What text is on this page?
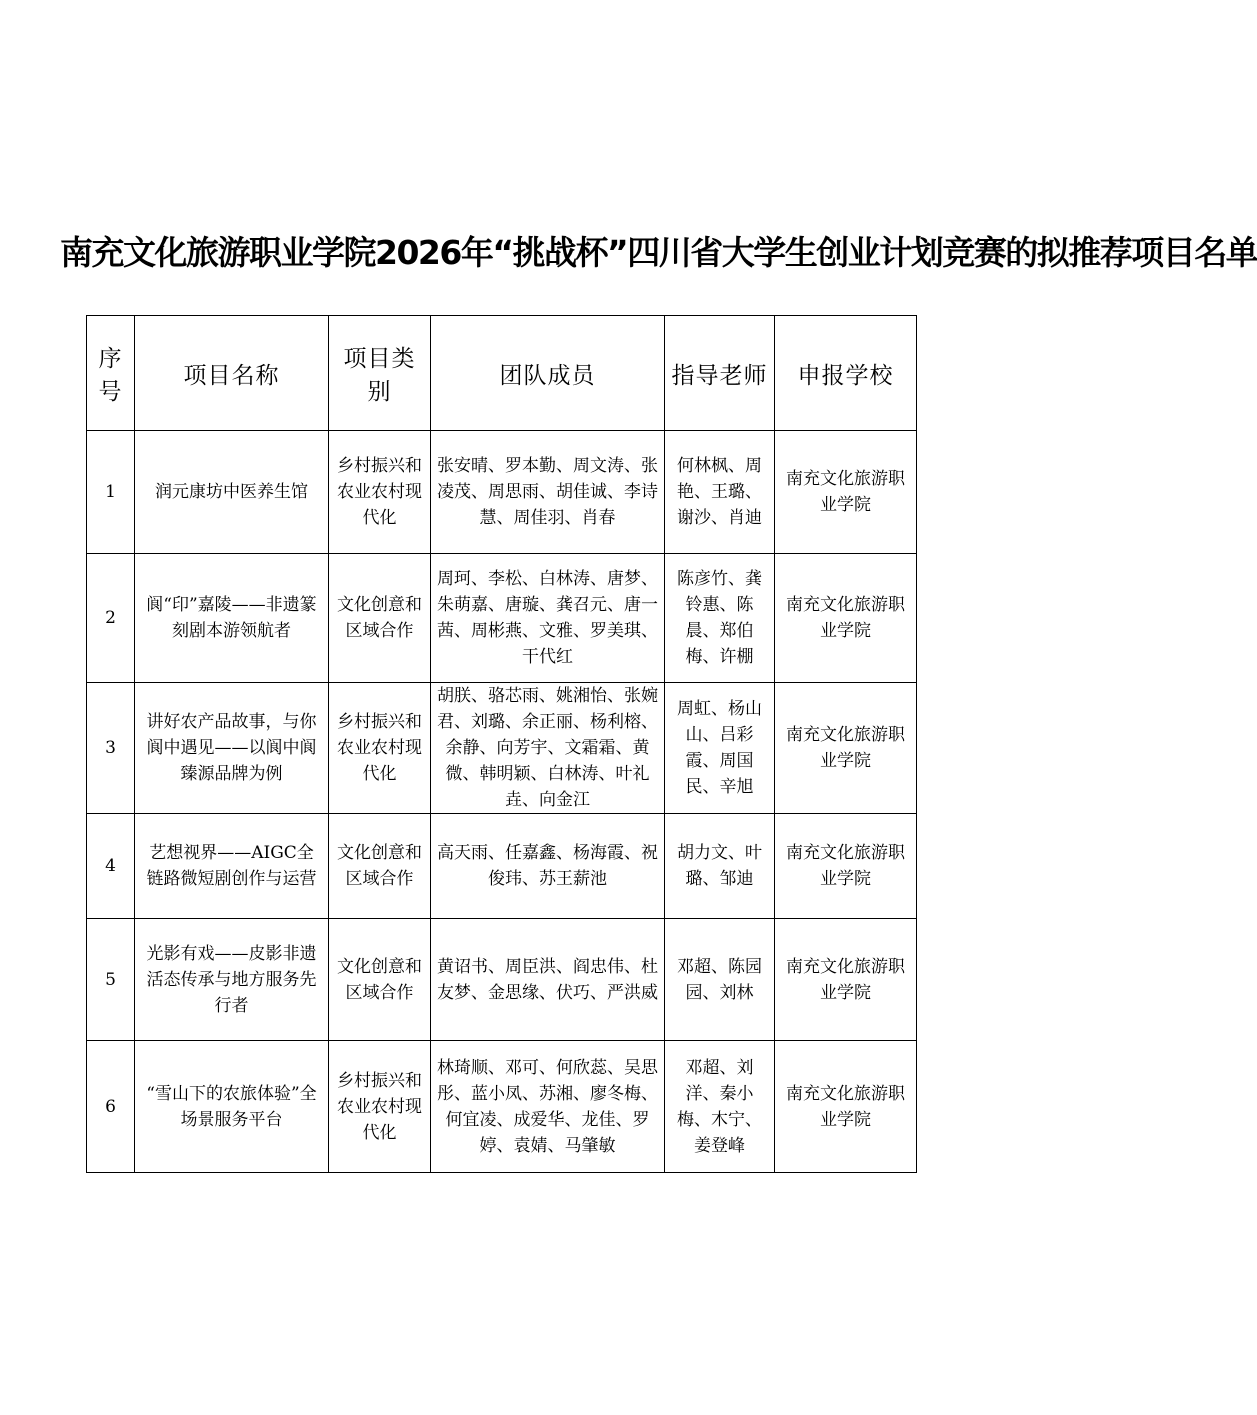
南充文化旅游职业学院2026年“挑战杯”四川省大学生创业计划竞赛的拟推荐项目名单
序号	项目名称	项目类别	团队成员	指导老师	申报学校
1	润元康坊中医养生馆	乡村振兴和农业农村现代化	张安晴、罗本勤、周文涛、张凌茂、周思雨、胡佳诚、李诗慧、周佳羽、肖春	何林枫、周艳、王璐、谢沙、肖迪	南充文化旅游职业学院
2	阆“印”嘉陵——非遗篆刻剧本游领航者	文化创意和区域合作	周珂、李松、白林涛、唐梦、朱萌嘉、唐璇、龚召元、唐一茜、周彬燕、文雅、罗美琪、干代红	陈彦竹、龚铃惠、陈晨、郑伯梅、许棚	南充文化旅游职业学院
3	讲好农产品故事，与你阆中遇见——以阆中阆臻源品牌为例	乡村振兴和农业农村现代化	胡朕、骆芯雨、姚湘怡、张婉君、刘璐、余正丽、杨利榕、余静、向芳宇、文霜霜、黄微、韩明颖、白林涛、叶礼垚、向金江	周虹、杨山山、吕彩霞、周国民、辛旭	南充文化旅游职业学院
4	艺想视界——AIGC全链路微短剧创作与运营	文化创意和区域合作	高天雨、任嘉鑫、杨海霞、祝俊玮、苏王薪池	胡力文、叶璐、邹迪	南充文化旅游职业学院
5	光影有戏——皮影非遗活态传承与地方服务先行者	文化创意和区域合作	黄诏书、周臣洪、阎忠伟、杜友梦、金思缘、伏巧、严洪威	邓超、陈园园、刘林	南充文化旅游职业学院
6	“雪山下的农旅体验”全场景服务平台	乡村振兴和农业农村现代化	林琦顺、邓可、何欣蕊、吴思彤、蓝小凤、苏湘、廖冬梅、何宜凌、成爱华、龙佳、罗婷、袁婧、马肇敏	邓超、刘洋、秦小梅、木宁、姜登峰	南充文化旅游职业学院
